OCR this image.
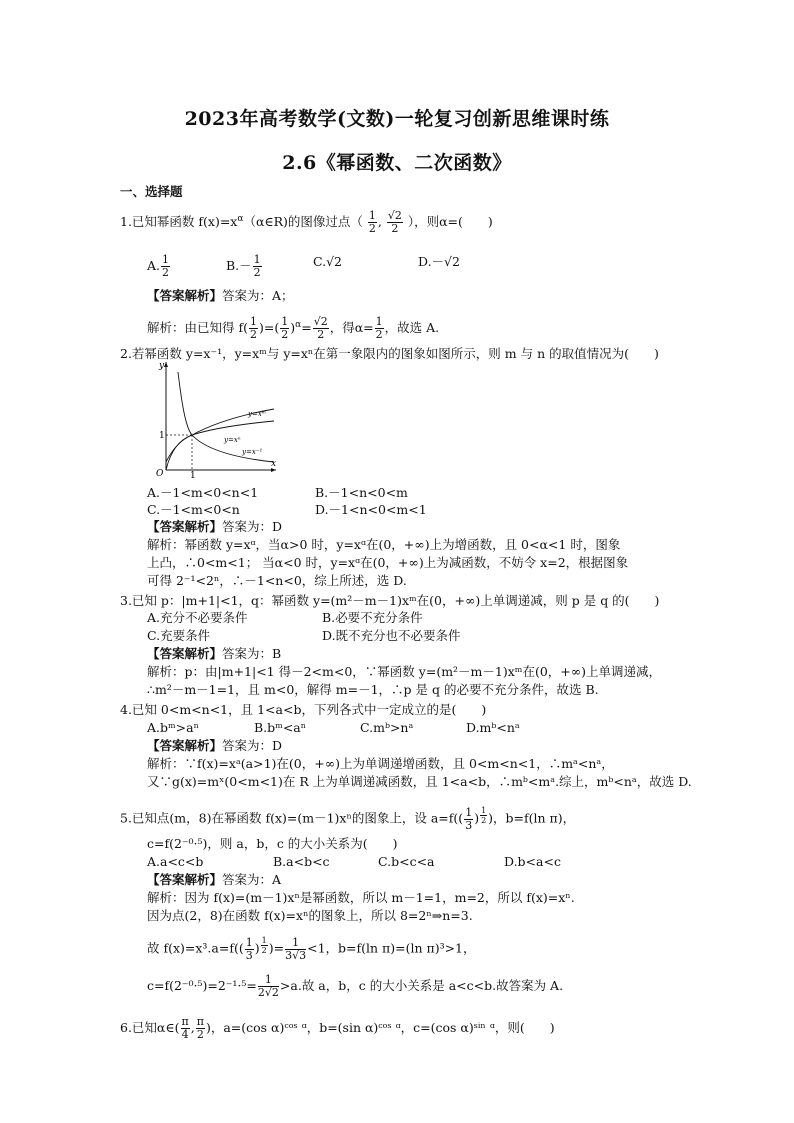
2023年高考数学(文数)一轮复习创新思维课时练
2.6《幂函数、二次函数》
一、选择题
1.已知幂函数 $f(x)=x^\alpha(\alpha\in R)$的图像过点（ $\frac{1}{2}$ , $\frac{√2}{2}$ ），则α=(　　)
A. $\frac{1}{2}$	$B.- \frac{1}{2}$	C.√2	D.－√2
【答案解析】答案为：A；
解析：由已知得 $f( \frac{1}{2}$ )=( $\frac{1}{2} )^\alpha= \frac{√2}{2}$ ，得$\alpha= \frac{1}{2}$ ，故选 A.
2.若幂函数 y=x⁻¹，y=xᵐ与 y=xⁿ在第一象限内的图象如图所示，则 m 与 n 的取值情况为(　　)
y
x
O
1
1
y=xᵐ
y=xⁿ
y=x⁻¹
A.－1<m<0<n<1	B.－1<n<0<m
C.－1<m<0<n	D.－1<n<0<m<1
【答案解析】答案为：D
解析：幂函数 y=xᵅ，当α>0 时，y=xᵅ在(0，+∞)上为增函数，且 0<α<1 时，图象
上凸，∴0<m<1； 当α<0 时，y=xᵅ在(0，+∞)上为减函数，不妨令 x=2，根据图象
可得 2⁻¹<2ⁿ，∴－1<n<0，综上所述，选 D.
3.已知 p：|m+1|<1，q：幂函数 y=(m²－m－1)xᵐ在(0，+∞)上单调递减，则 p 是 q 的(　　)
A.充分不必要条件	B.必要不充分条件
C.充要条件	D.既不充分也不必要条件
【答案解析】答案为：B
解析：p：由|m+1|<1 得－2<m<0，∵幂函数 y=(m²－m－1)xᵐ在(0，+∞)上单调递减，
∴m²－m－1=1，且 m<0，解得 m=－1，∴p 是 q 的必要不充分条件，故选 B.
4.已知 0<m<n<1，且 1<a<b，下列各式中一定成立的是(　　)
A.bᵐ>aⁿ	B.bᵐ<aⁿ	C.mᵇ>nᵃ	D.mᵇ<nᵃ
【答案解析】答案为：D
解析：∵f(x)=xᵃ(a>1)在(0，+∞)上为单调递增函数，且 0<m<n<1，∴mᵃ<nᵃ，
又∵g(x)=mˣ(0<m<1)在 R 上为单调递减函数，且 1<a<b，∴mᵇ<mᵃ.综上，mᵇ<nᵃ，故选 D.
5.已知点(m，8)在幂函数 f(x)=(m－1)xⁿ的图象上，设 $a=f(( \frac{1}{3}$ ) $^{\frac{1}{2}}$ )，b=f(ln π)，
c=f(2⁻⁰·⁵)，则 a，b，c 的大小关系为(　　)
A.a<c<b	B.a<b<c	C.b<c<a	D.b<a<c
【答案解析】答案为：A
解析：因为 f(x)=(m－1)xⁿ是幂函数，所以 m－1=1，m=2，所以 f(x)=xⁿ.
因为点(2，8)在函数 f(x)=xⁿ的图象上，所以 8=2ⁿ⇒n=3.
故 $f(x)=x^3.a=f(( \frac{1}{3}$ ) $^{\frac{1}{2}}$ )= $\frac{1}{3√3} <1$，b=f(ln π)=(ln π)³>1，
$c=f(2^{-0}\cdot^5)=2^{-1}\cdot^5= \frac{1}{2√2} >a$.故 a，b，c 的大小关系是 a<c<b.故答案为 A.
6.已知α∈( $\frac{\pi}{4}$ , $\frac{\pi}{2}$ )，a=(cos α)ᶜᵒˢ ᵅ，b=(sin α)ᶜᵒˢ ᵅ，c=(cos α)ˢⁱⁿ ᵅ，则(　　)
